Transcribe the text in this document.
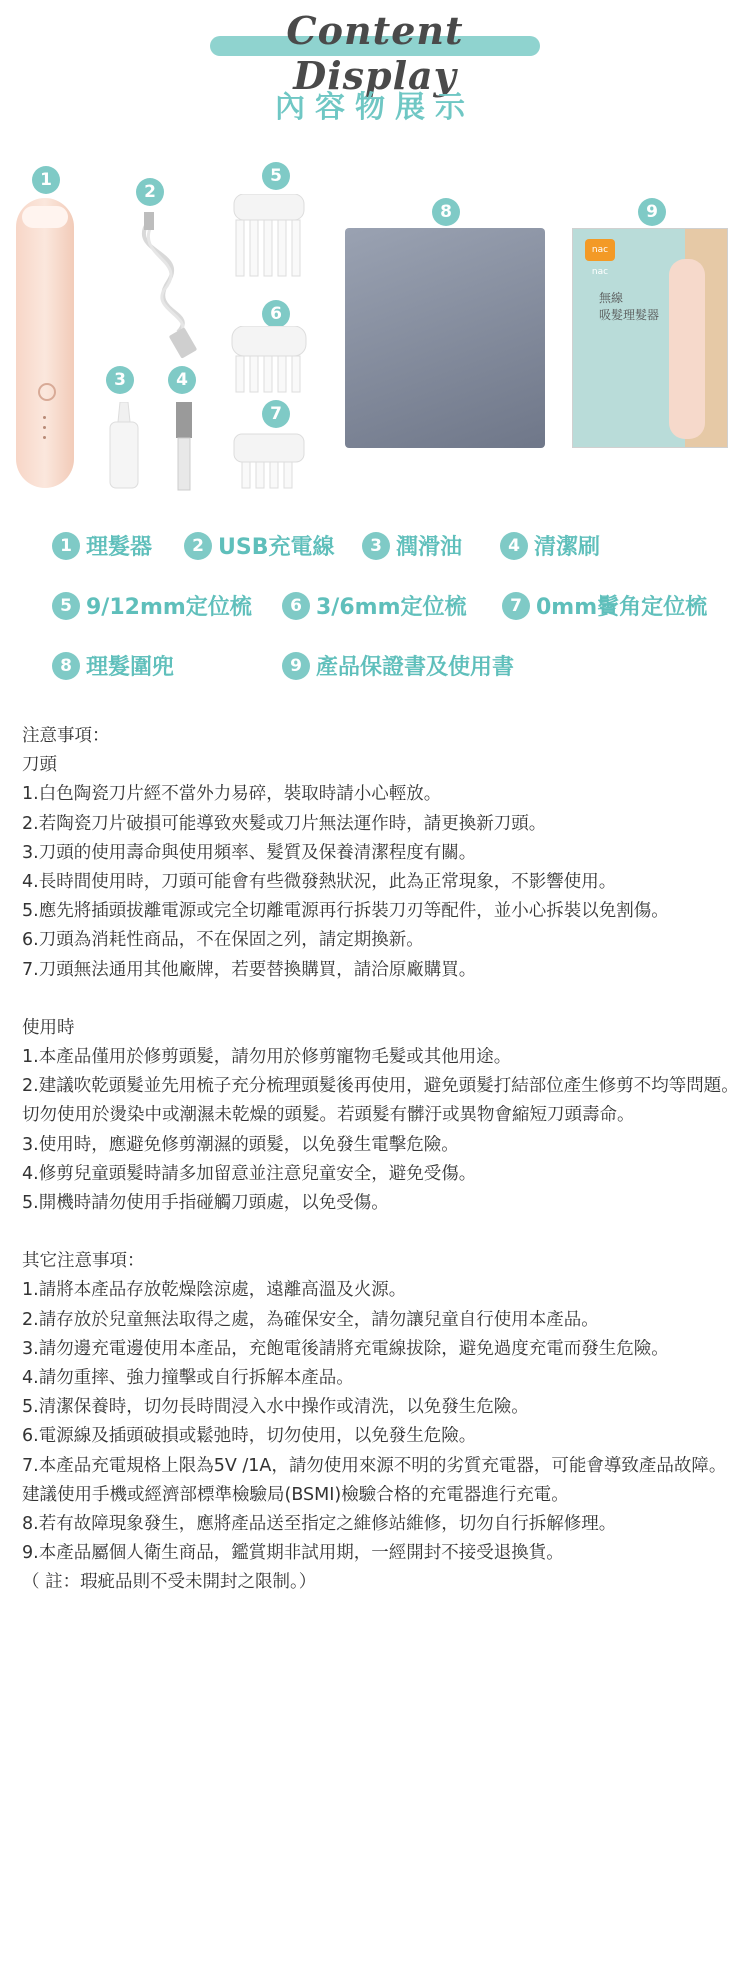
Content Display
內容物展示
1
2
3	4
5
6
7
8	9
nac nac
無線
吸髮理髮器
1 理髮器	2 USB充電線	3 潤滑油	4 清潔刷
5 9/12mm定位梳	6 3/6mm定位梳	7 0mm鬢角定位梳
8 理髮圍兜	9 產品保證書及使用書

注意事項：

刀頭

1.白色陶瓷刀片經不當外力易碎，裝取時請小心輕放。

2.若陶瓷刀片破損可能導致夾髮或刀片無法運作時，請更換新刀頭。

3.刀頭的使用壽命與使用頻率、髮質及保養清潔程度有關。

4.長時間使用時，刀頭可能會有些微發熱狀況，此為正常現象，不影響使用。

5.應先將插頭拔離電源或完全切離電源再行拆裝刀刃等配件，並小心拆裝以免割傷。

6.刀頭為消耗性商品，不在保固之列，請定期換新。

7.刀頭無法通用其他廠牌，若要替換購買，請洽原廠購買。

使用時

1.本產品僅用於修剪頭髮，請勿用於修剪寵物毛髮或其他用途。

2.建議吹乾頭髮並先用梳子充分梳理頭髮後再使用，避免頭髮打結部位產生修剪不均等問題。切勿使用於燙染中或潮濕未乾燥的頭髮。若頭髮有髒汙或異物會縮短刀頭壽命。

3.使用時，應避免修剪潮濕的頭髮，以免發生電擊危險。

4.修剪兒童頭髮時請多加留意並注意兒童安全，避免受傷。

5.開機時請勿使用手指碰觸刀頭處，以免受傷。

其它注意事項：

1.請將本產品存放乾燥陰涼處，遠離高溫及火源。

2.請存放於兒童無法取得之處，為確保安全，請勿讓兒童自行使用本產品。

3.請勿邊充電邊使用本產品，充飽電後請將充電線拔除，避免過度充電而發生危險。

4.請勿重摔、強力撞擊或自行拆解本產品。

5.清潔保養時，切勿長時間浸入水中操作或清洗，以免發生危險。

6.電源線及插頭破損或鬆弛時，切勿使用，以免發生危險。

7.本產品充電規格上限為5V /1A，請勿使用來源不明的劣質充電器，可能會導致產品故障。建議使用手機或經濟部標準檢驗局(BSMI)檢驗合格的充電器進行充電。

8.若有故障現象發生，應將產品送至指定之維修站維修，切勿自行拆解修理。

9.本產品屬個人衛生商品，鑑賞期非試用期，一經開封不接受退換貨。

（ 註：瑕疵品則不受未開封之限制。）
